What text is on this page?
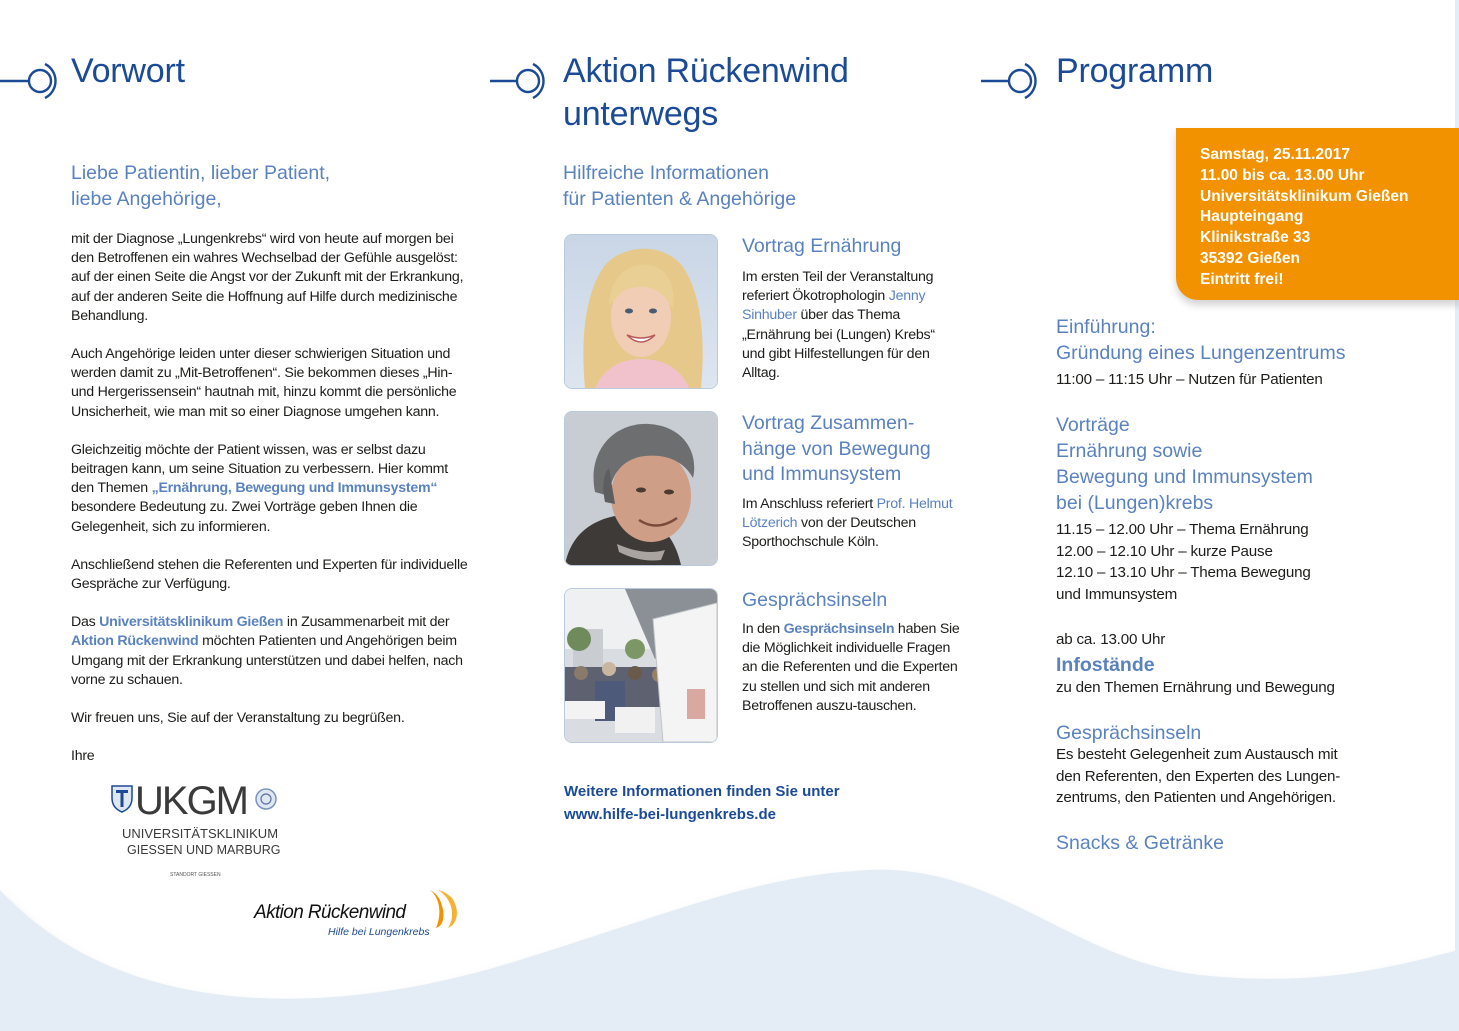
Vorwort
Liebe Patientin, lieber Patient,
liebe Angehörige,

mit der Diagnose „Lungenkrebs“ wird von heute auf morgen bei den Betroffenen ein wahres Wechselbad der Gefühle ausgelöst: auf der einen Seite die Angst vor der Zukunft mit der Erkrankung, auf der anderen Seite die Hoffnung auf Hilfe durch medizinische Behandlung.

Auch Angehörige leiden unter dieser schwierigen Situation und werden damit zu „Mit-Betroffenen“. Sie bekommen dieses „Hin- und Hergerissensein“ hautnah mit, hinzu kommt die persönliche Unsicherheit, wie man mit so einer Diagnose umgehen kann.

Gleichzeitig möchte der Patient wissen, was er selbst dazu beitragen kann, um seine Situation zu verbessern. Hier kommt den Themen „Ernährung, Bewegung und Immunsystem“ besondere Bedeutung zu. Zwei Vorträge geben Ihnen die Gelegenheit, sich zu informieren.

Anschließend stehen die Referenten und Experten für individuelle Gespräche zur Verfügung.

Das Universitätsklinikum Gießen in Zusammenarbeit mit der Aktion Rückenwind möchten Patienten und Angehörigen beim Umgang mit der Erkrankung unterstützen und dabei helfen, nach vorne zu schauen.

Wir freuen uns, Sie auf der Veranstaltung zu begrüßen.

Ihre

UKGM
UNIVERSITÄTSKLINIKUM
GIESSEN UND MARBURG
STANDORT GIESSEN
Aktion Rückenwind
Hilfe bei Lungenkrebs
Aktion Rückenwind
unterwegs
Hilfreiche Informationen
für Patienten & Angehörige
Vortrag Ernährung
Im ersten Teil der Veranstaltung referiert Ökotrophologin Jenny Sinhuber über das Thema „Ernährung bei (Lungen) Krebs“ und gibt Hilfestellungen für den Alltag.
Vortrag Zusammen-hänge von Bewegung und Immunsystem
Im Anschluss referiert Prof. Helmut Lötzerich von der Deutschen Sporthochschule Köln.
Gesprächsinseln
In den Gesprächsinseln haben Sie die Möglichkeit individuelle Fragen an die Referenten und die Experten zu stellen und sich mit anderen Betroffenen auszu-tauschen.
Weitere Informationen finden Sie unter
www.hilfe-bei-lungenkrebs.de
Programm
Samstag, 25.11.2017
11.00 bis ca. 13.00 Uhr
Universitätsklinikum Gießen
Haupteingang
Klinikstraße 33
35392 Gießen
Eintritt frei!
Einführung:
Gründung eines Lungenzentrums
11:00 – 11:15 Uhr – Nutzen für Patienten
Vorträge
Ernährung sowie
Bewegung und Immunsystem
bei (Lungen)krebs
11.15 – 12.00 Uhr – Thema Ernährung
12.00 – 12.10 Uhr – kurze Pause
12.10 – 13.10 Uhr – Thema Bewegung
und Immunsystem
ab ca. 13.00 Uhr
Infostände
zu den Themen Ernährung und Bewegung
Gesprächsinseln
Es besteht Gelegenheit zum Austausch mit
den Referenten, den Experten des Lungen-
zentrums, den Patienten und Angehörigen.
Snacks & Getränke
